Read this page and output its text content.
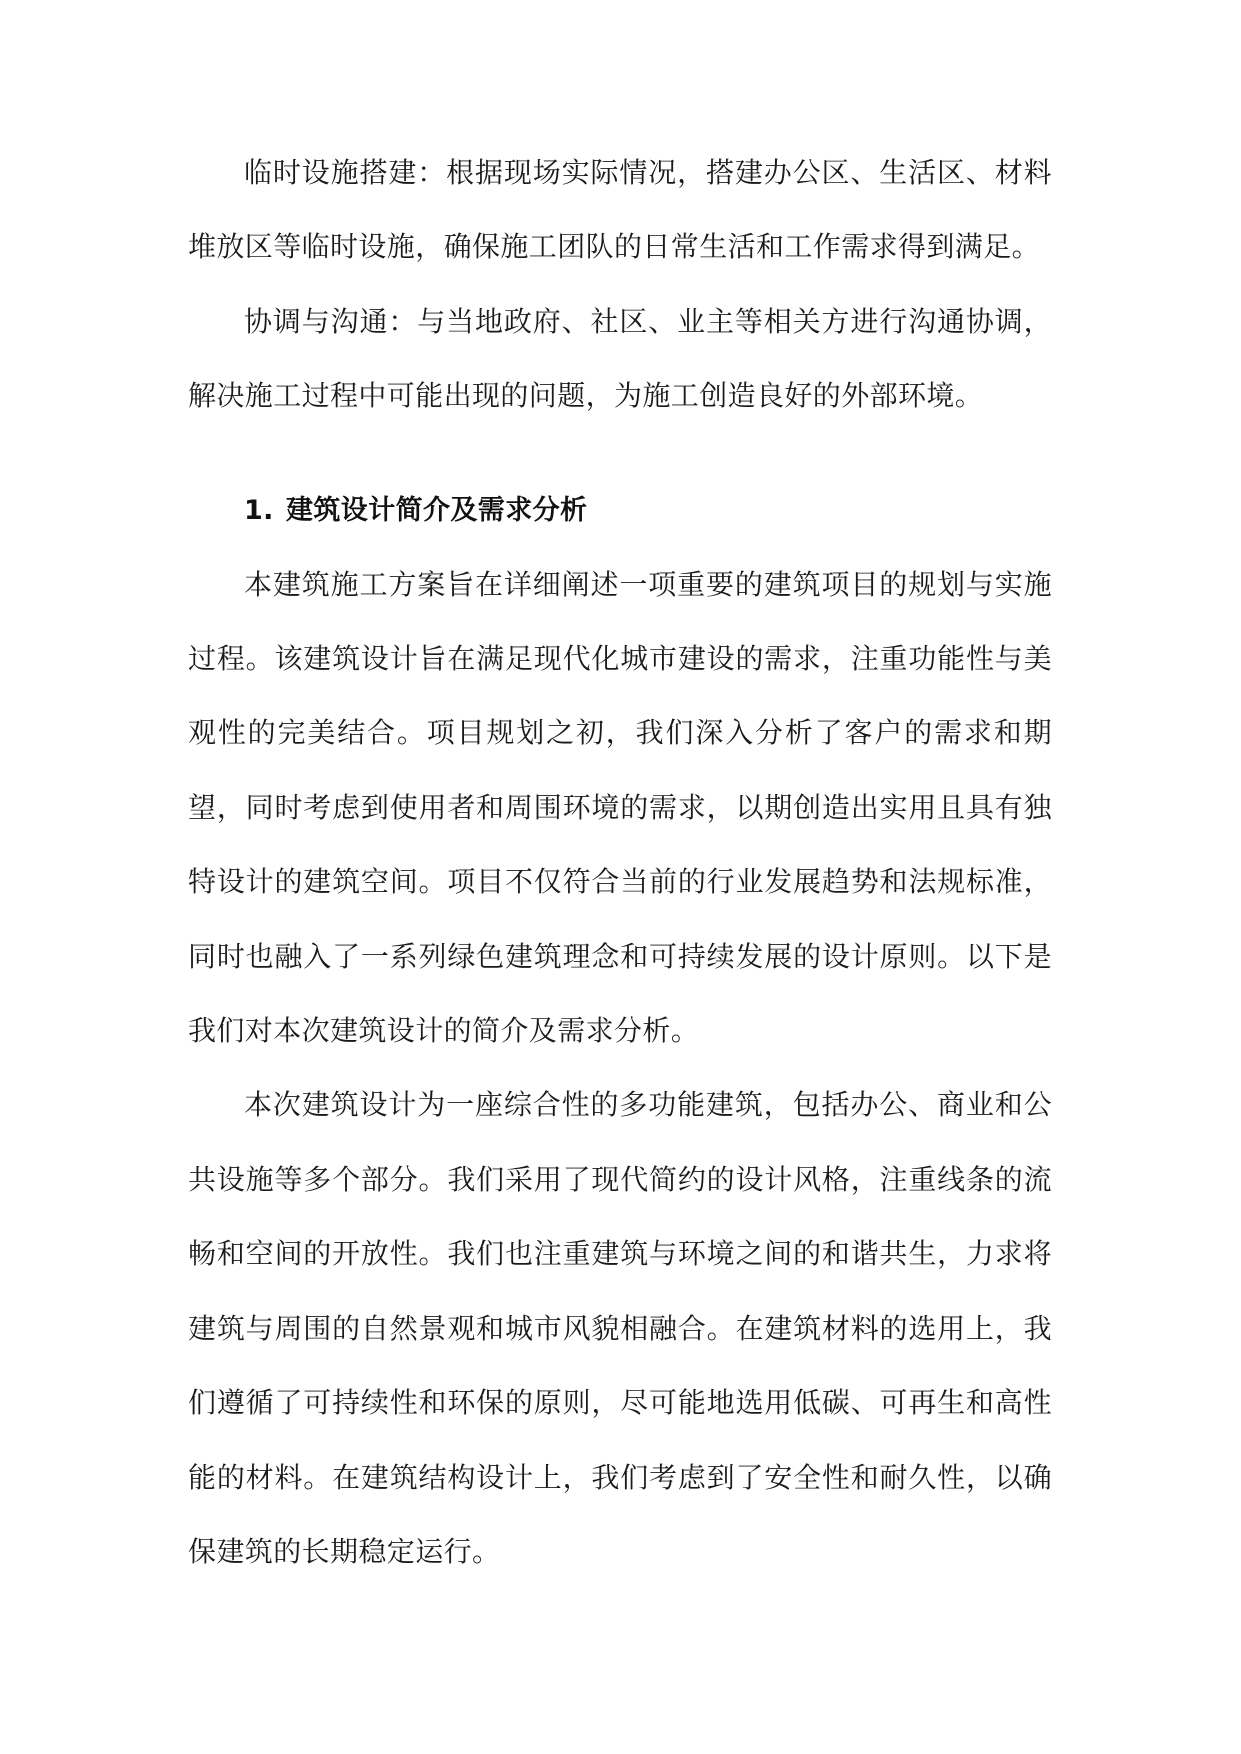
临时设施搭建：根据现场实际情况，搭建办公区、生活区、材料堆放区等临时设施，确保施工团队的日常生活和工作需求得到满足。

协调与沟通：与当地政府、社区、业主等相关方进行沟通协调，解决施工过程中可能出现的问题，为施工创造良好的外部环境。

1. 建筑设计简介及需求分析

本建筑施工方案旨在详细阐述一项重要的建筑项目的规划与实施过程。该建筑设计旨在满足现代化城市建设的需求，注重功能性与美观性的完美结合。项目规划之初，我们深入分析了客户的需求和期望，同时考虑到使用者和周围环境的需求，以期创造出实用且具有独特设计的建筑空间。项目不仅符合当前的行业发展趋势和法规标准，同时也融入了一系列绿色建筑理念和可持续发展的设计原则。以下是我们对本次建筑设计的简介及需求分析。

本次建筑设计为一座综合性的多功能建筑，包括办公、商业和公共设施等多个部分。我们采用了现代简约的设计风格，注重线条的流畅和空间的开放性。我们也注重建筑与环境之间的和谐共生，力求将建筑与周围的自然景观和城市风貌相融合。在建筑材料的选用上，我们遵循了可持续性和环保的原则，尽可能地选用低碳、可再生和高性能的材料。在建筑结构设计上，我们考虑到了安全性和耐久性，以确保建筑的长期稳定运行。
